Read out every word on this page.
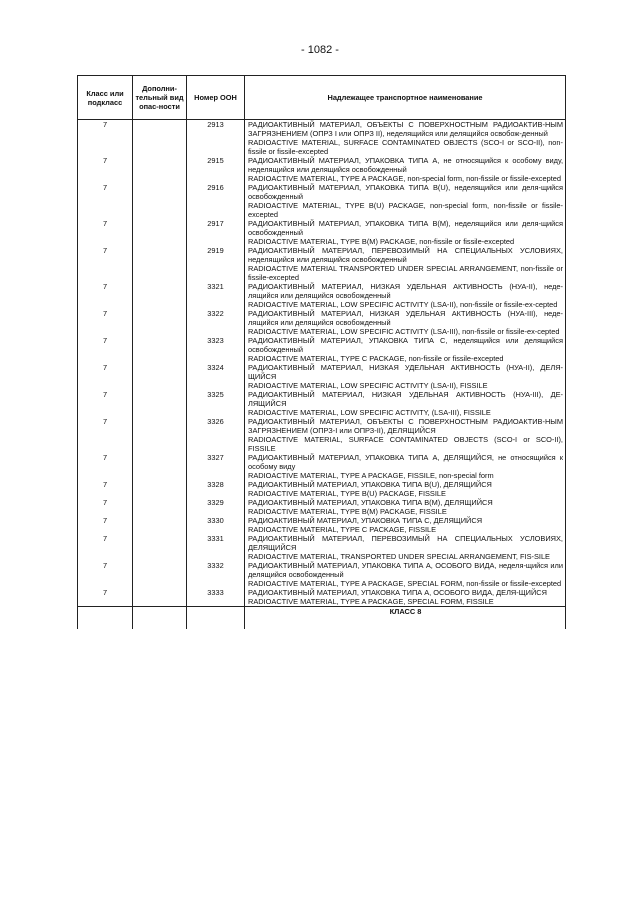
- 1082 -
Класс или подкласс	Дополни-тельный вид опас-ности	Номер ООН	Надлежащее транспортное наименование
7		2913	РАДИОАКТИВНЫЙ МАТЕРИАЛ, ОБЪЕКТЫ С ПОВЕРХНОСТНЫМ РАДИОАКТИВ-НЫМ ЗАГРЯЗНЕНИЕМ (ОПРЗ I или ОПРЗ II), неделящийся или делящийся освобож-денный
RADIOACTIVE MATERIAL, SURFACE CONTAMINATED OBJECTS (SCO-I or SCO-II), non-fissile or fissile-excepted

7		2915	РАДИОАКТИВНЫЙ МАТЕРИАЛ, УПАКОВКА ТИПА A, не относящийся к особому виду, неделящийся или делящийся освобожденный
RADIOACTIVE MATERIAL, TYPE A PACKAGE, non-special form, non-fissile or fissile-excepted

7		2916	РАДИОАКТИВНЫЙ МАТЕРИАЛ, УПАКОВКА ТИПА B(U), неделящийся или деля-щийся освобожденный
RADIOACTIVE MATERIAL, TYPE B(U) PACKAGE, non-special form, non-fissile or fissile-excepted

7		2917	РАДИОАКТИВНЫЙ МАТЕРИАЛ, УПАКОВКА ТИПА B(M), неделящийся или деля-щийся освобожденный
RADIOACTIVE MATERIAL, TYPE B(M) PACKAGE, non-fissile or fissile-excepted

7		2919	РАДИОАКТИВНЫЙ МАТЕРИАЛ, ПЕРЕВОЗИМЫЙ НА СПЕЦИАЛЬНЫХ УСЛОВИЯХ, неделящийся или делящийся освобожденный
RADIOACTIVE MATERIAL TRANSPORTED UNDER SPECIAL ARRANGEMENT, non-fissile or fissile-excepted

7		3321	РАДИОАКТИВНЫЙ МАТЕРИАЛ, НИЗКАЯ УДЕЛЬНАЯ АКТИВНОСТЬ (НУА-II), неде-лящийся или делящийся освобожденный
RADIOACTIVE MATERIAL, LOW SPECIFIC ACTIVITY (LSA-II), non-fissile or fissile-ex-cepted

7		3322	РАДИОАКТИВНЫЙ МАТЕРИАЛ, НИЗКАЯ УДЕЛЬНАЯ АКТИВНОСТЬ (НУА-III), неде-лящийся или делящийся освобожденный
RADIOACTIVE MATERIAL, LOW SPECIFIC ACTIVITY (LSA-III), non-fissile or fissile-ex-cepted

7		3323	РАДИОАКТИВНЫЙ МАТЕРИАЛ, УПАКОВКА ТИПА C, неделящийся или делящийся освобожденный
RADIOACTIVE MATERIAL, TYPE C PACKAGE, non-fissile or fissile-excepted

7		3324	РАДИОАКТИВНЫЙ МАТЕРИАЛ, НИЗКАЯ УДЕЛЬНАЯ АКТИВНОСТЬ (НУА-II), ДЕЛЯ-ЩИЙСЯ
RADIOACTIVE MATERIAL, LOW SPECIFIC ACTIVITY (LSA-II), FISSILE

7		3325	РАДИОАКТИВНЫЙ МАТЕРИАЛ, НИЗКАЯ УДЕЛЬНАЯ АКТИВНОСТЬ (НУА-III), ДЕ-ЛЯЩИЙСЯ
RADIOACTIVE MATERIAL, LOW SPECIFIC ACTIVITY, (LSA-III), FISSILE

7		3326	РАДИОАКТИВНЫЙ МАТЕРИАЛ, ОБЪЕКТЫ С ПОВЕРХНОСТНЫМ РАДИОАКТИВ-НЫМ ЗАГРЯЗНЕНИЕМ (ОПРЗ-I или ОПРЗ-II), ДЕЛЯЩИЙСЯ
RADIOACTIVE MATERIAL, SURFACE CONTAMINATED OBJECTS (SCO-I or SCO-II), FISSILE

7		3327	РАДИОАКТИВНЫЙ МАТЕРИАЛ, УПАКОВКА ТИПА A, ДЕЛЯЩИЙСЯ, не относящийся к особому виду
RADIOACTIVE MATERIAL, TYPE A PACKAGE, FISSILE, non-special form

7		3328	РАДИОАКТИВНЫЙ МАТЕРИАЛ, УПАКОВКА ТИПА B(U), ДЕЛЯЩИЙСЯ
RADIOACTIVE MATERIAL, TYPE B(U) PACKAGE, FISSILE

7		3329	РАДИОАКТИВНЫЙ МАТЕРИАЛ, УПАКОВКА ТИПА B(M), ДЕЛЯЩИЙСЯ
RADIOACTIVE MATERIAL, TYPE B(M) PACKAGE, FISSILE

7		3330	РАДИОАКТИВНЫЙ МАТЕРИАЛ, УПАКОВКА ТИПА C, ДЕЛЯЩИЙСЯ
RADIOACTIVE MATERIAL, TYPE C PACKAGE, FISSILE

7		3331	РАДИОАКТИВНЫЙ МАТЕРИАЛ, ПЕРЕВОЗИМЫЙ НА СПЕЦИАЛЬНЫХ УСЛОВИЯХ, ДЕЛЯЩИЙСЯ
RADIOACTIVE MATERIAL, TRANSPORTED UNDER SPECIAL ARRANGEMENT, FIS-SILE

7		3332	РАДИОАКТИВНЫЙ МАТЕРИАЛ, УПАКОВКА ТИПА A, ОСОБОГО ВИДА, неделя-щийся или делящийся освобожденный
RADIOACTIVE MATERIAL, TYPE A PACKAGE, SPECIAL FORM, non-fissile or fissile-excepted

7		3333	РАДИОАКТИВНЫЙ МАТЕРИАЛ, УПАКОВКА ТИПА A, ОСОБОГО ВИДА, ДЕЛЯ-ЩИЙСЯ
RADIOACTIVE MATERIAL, TYPE A PACKAGE, SPECIAL FORM, FISSILE

			КЛАСС 8
